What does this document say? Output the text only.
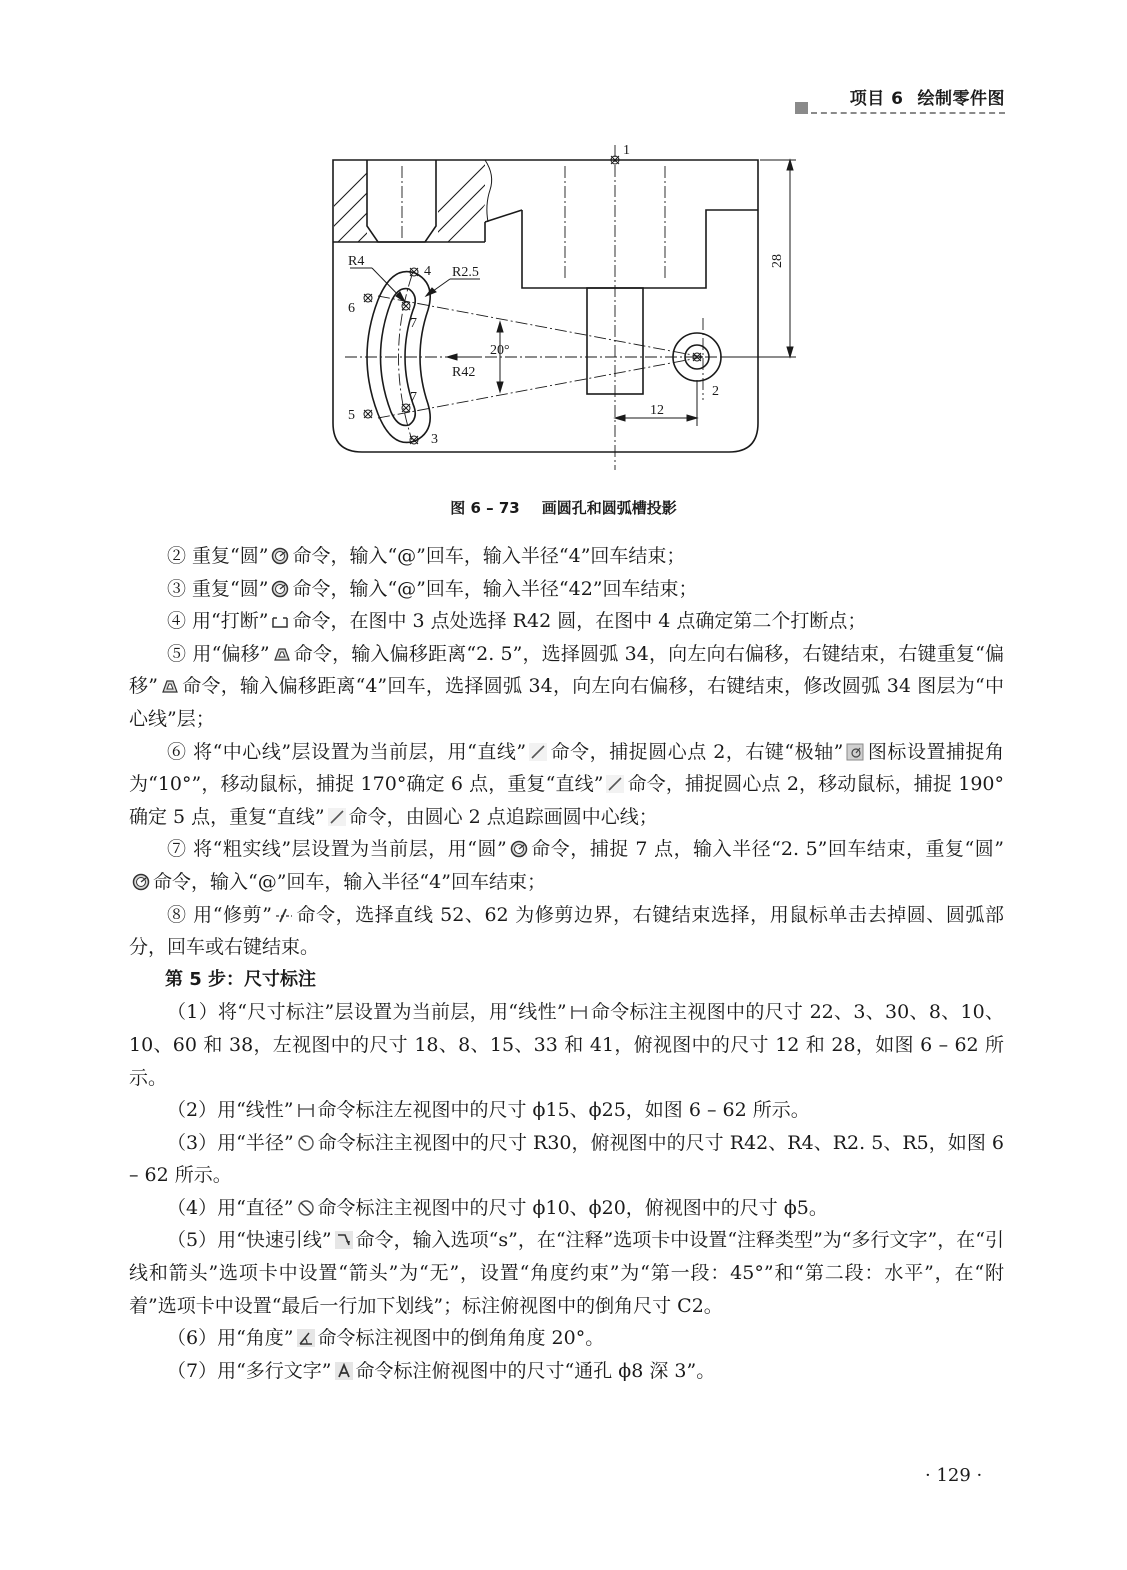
项目 6 绘制零件图
1
2
3
4
5
6
7
7
R4
R2.5
R42
20°
12
28
图 6 – 73 画圆孔和圆弧槽投影

② 重复“圆” 命令，输入“@”回车，输入半径“4”回车结束；

③ 重复“圆” 命令，输入“@”回车，输入半径“42”回车结束；

④ 用“打断” 命令，在图中 3 点处选择 R42 圆，在图中 4 点确定第二个打断点；

⑤ 用“偏移” 命令，输入偏移距离“2. 5”，选择圆弧 34，向左向右偏移，右键结束，右键重复“偏移” 命令，输入偏移距离“4”回车，选择圆弧 34，向左向右偏移，右键结束，修改圆弧 34 图层为“中心线”层；

⑥ 将“中心线”层设置为当前层，用“直线” 命令，捕捉圆心点 2，右键“极轴” 图标设置捕捉角为“10°”，移动鼠标，捕捉 170°确定 6 点，重复“直线” 命令，捕捉圆心点 2，移动鼠标，捕捉 190°确定 5 点，重复“直线” 命令，由圆心 2 点追踪画圆中心线；

⑦ 将“粗实线”层设置为当前层，用“圆” 命令，捕捉 7 点，输入半径“2. 5”回车结束，重复“圆”命令，输入“@”回车，输入半径“4”回车结束；

⑧ 用“修剪” 命令，选择直线 52、62 为修剪边界，右键结束选择，用鼠标单击去掉圆、圆弧部分，回车或右键结束。

第 5 步：尺寸标注

（1）将“尺寸标注”层设置为当前层，用“线性” 命令标注主视图中的尺寸 22、3、30、8、10、10、60 和 38，左视图中的尺寸 18、8、15、33 和 41，俯视图中的尺寸 12 和 28，如图 6 – 62 所示。

（2）用“线性” 命令标注左视图中的尺寸 ϕ15、ϕ25，如图 6 – 62 所示。

（3）用“半径” 命令标注主视图中的尺寸 R30，俯视图中的尺寸 R42、R4、R2. 5、R5，如图 6 – 62 所示。

（4）用“直径” 命令标注主视图中的尺寸 ϕ10、ϕ20，俯视图中的尺寸 ϕ5。

（5）用“快速引线” 命令，输入选项“s”，在“注释”选项卡中设置“注释类型”为“多行文字”，在“引线和箭头”选项卡中设置“箭头”为“无”，设置“角度约束”为“第一段：45°”和“第二段：水平”，在“附着”选项卡中设置“最后一行加下划线”；标注俯视图中的倒角尺寸 C2。

（6）用“角度” 命令标注视图中的倒角角度 20°。

（7）用“多行文字” 命令标注俯视图中的尺寸“通孔 ϕ8 深 3”。

· 129 ·
